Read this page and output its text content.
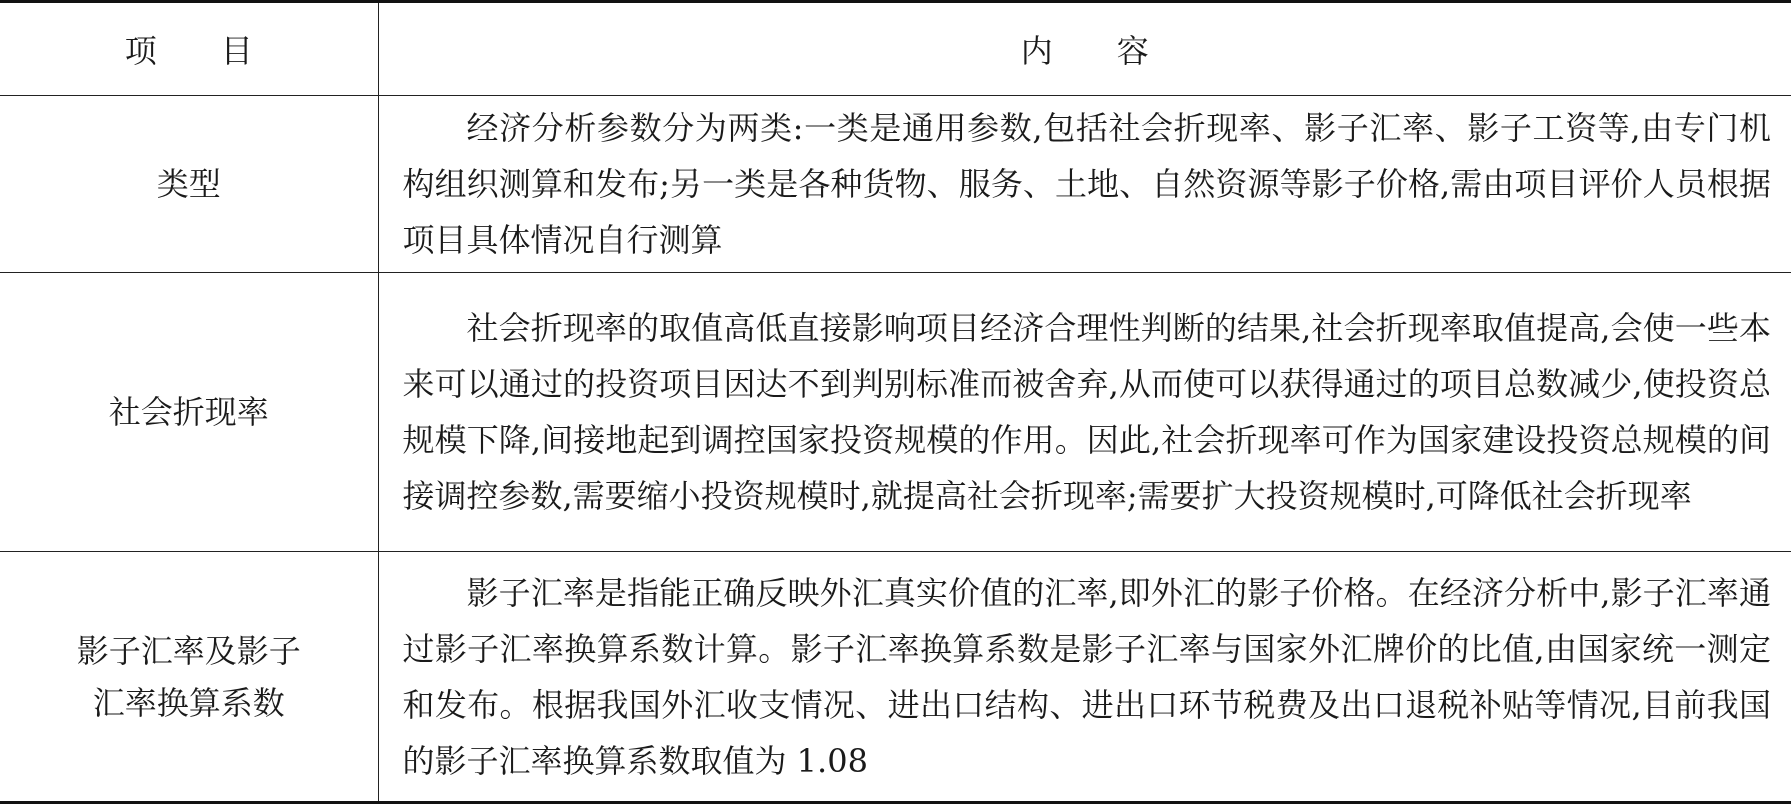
项 目	内 容
类型	经济分析参数分为两类:一类是通用参数,包括社会折现率、影子汇率、影子工资等,由专门机构组织测算和发布;另一类是各种货物、服务、土地、自然资源等影子价格,需由项目评价人员根据项目具体情况自行测算

社会折现率	社会折现率的取值高低直接影响项目经济合理性判断的结果,社会折现率取值提高,会使一些本来可以通过的投资项目因达不到判别标准而被舍弃,从而使可以获得通过的项目总数减少,使投资总规模下降,间接地起到调控国家投资规模的作用。因此,社会折现率可作为国家建设投资总规模的间接调控参数,需要缩小投资规模时,就提高社会折现率;需要扩大投资规模时,可降低社会折现率

影子汇率及影子
汇率换算系数	影子汇率是指能正确反映外汇真实价值的汇率,即外汇的影子价格。在经济分析中,影子汇率通过影子汇率换算系数计算。影子汇率换算系数是影子汇率与国家外汇牌价的比值,由国家统一测定和发布。根据我国外汇收支情况、进出口结构、进出口环节税费及出口退税补贴等情况,目前我国的影子汇率换算系数取值为 1.08
